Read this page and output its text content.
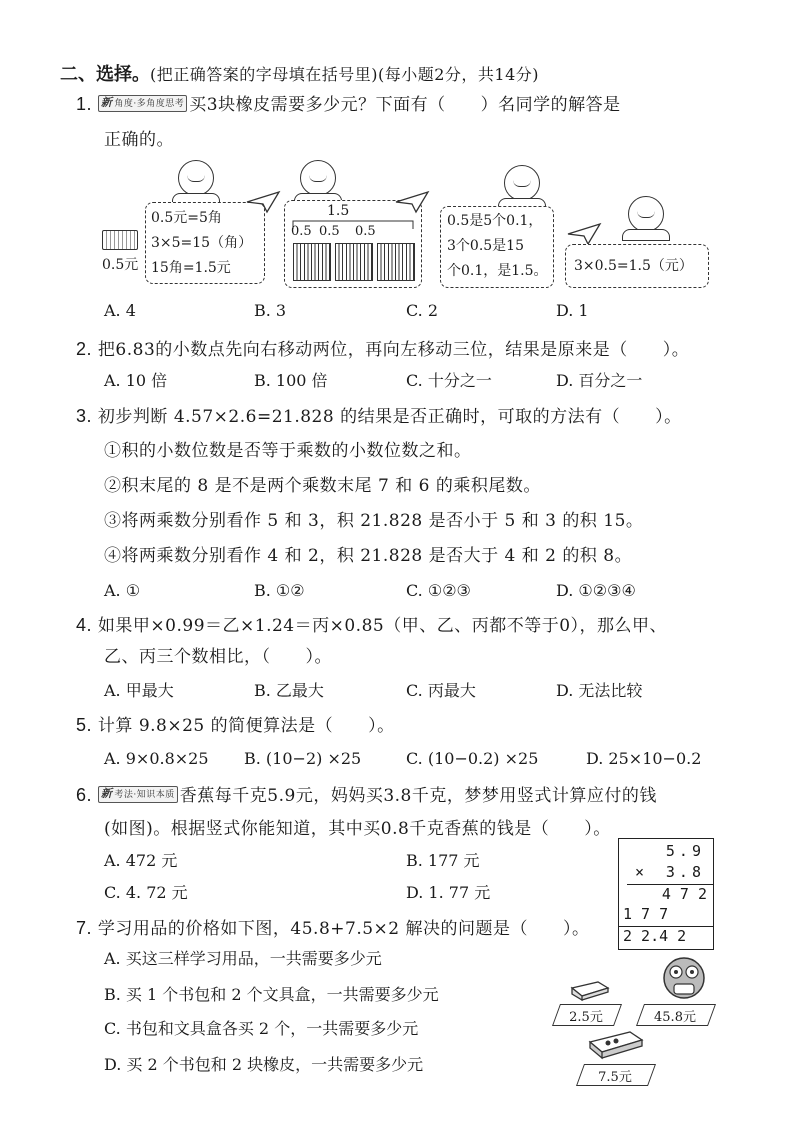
二、选择。(把正确答案的字母填在括号里)(每小题2分，共14分)
1. 新 角度·多角度思考 买3块橡皮需要多少元？下面有（　　）名同学的解答是
正确的。
0.5元
0.5元=5角
3×5=15（角）
15角=1.5元
1.5
0.5 0.5 0.5
0.5是5个0.1，
3个0.5是15
个0.1，是1.5。 3×0.5=1.5（元）
A. 4	B. 3	C. 2	D. 1
2. 把6.83的小数点先向右移动两位，再向左移动三位，结果是原来是（　　）。
A. 10 倍	B. 100 倍	C. 十分之一	D. 百分之一
3. 初步判断 4.57×2.6=21.828 的结果是否正确时，可取的方法有（　　）。
①积的小数位数是否等于乘数的小数位数之和。
②积末尾的 8 是不是两个乘数末尾 7 和 6 的乘积尾数。
③将两乘数分别看作 5 和 3，积 21.828 是否小于 5 和 3 的积 15。
④将两乘数分别看作 4 和 2，积 21.828 是否大于 4 和 2 的积 8。
A. ①	B. ①②	C. ①②③	D. ①②③④
4. 如果甲×0.99＝乙×1.24＝丙×0.85（甲、乙、丙都不等于0），那么甲、
乙、丙三个数相比，（　　）。
A. 甲最大	B. 乙最大	C. 丙最大	D. 无法比较
5. 计算 9.8×25 的简便算法是（　　）。
A. 9×0.8×25 B. (10−2) ×25	C. (10−0.2) ×25	D. 25×10−0.2
6. 新 考法·知识本质 香蕉每千克5.9元，妈妈买3.8千克，梦梦用竖式计算应付的钱
(如图)。根据竖式你能知道，其中买0.8千克香蕉的钱是（　　）。
A. 472 元	B. 177 元
C. 4. 72 元	D. 1. 77 元
5.9
× 3.8
4 7 2
1 7 7
2 2.4 2
7. 学习用品的价格如下图，45.8+7.5×2 解决的问题是（　　）。
A. 买这三样学习用品，一共需要多少元
B. 买 1 个书包和 2 个文具盒，一共需要多少元
C. 书包和文具盒各买 2 个，一共需要多少元
D. 买 2 个书包和 2 块橡皮，一共需要多少元
2.5元	45.8元
7.5元
